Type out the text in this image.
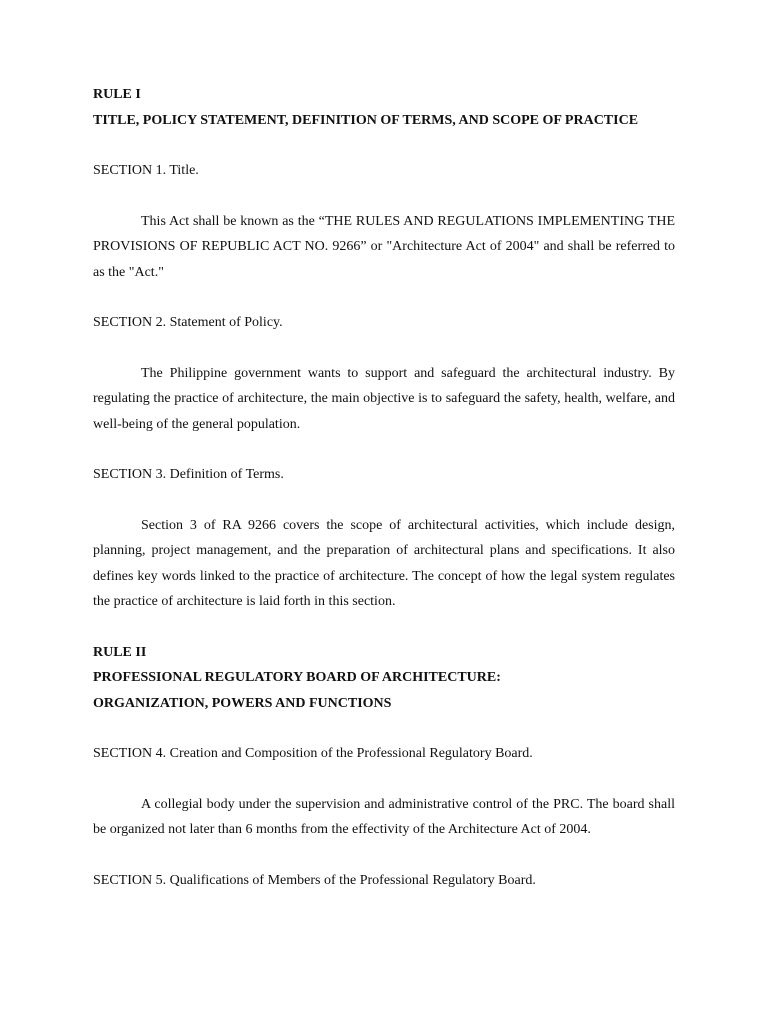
RULE I

TITLE, POLICY STATEMENT, DEFINITION OF TERMS, AND SCOPE OF PRACTICE

SECTION 1. Title.

This Act shall be known as the “THE RULES AND REGULATIONS IMPLEMENTING THE PROVISIONS OF REPUBLIC ACT NO. 9266” or "Architecture Act of 2004" and shall be referred to as the "Act."

SECTION 2. Statement of Policy.

The Philippine government wants to support and safeguard the architectural industry. By regulating the practice of architecture, the main objective is to safeguard the safety, health, welfare, and well-being of the general population.

SECTION 3. Definition of Terms.

Section 3 of RA 9266 covers the scope of architectural activities, which include design, planning, project management, and the preparation of architectural plans and specifications. It also defines key words linked to the practice of architecture. The concept of how the legal system regulates the practice of architecture is laid forth in this section.

RULE II

PROFESSIONAL REGULATORY BOARD OF ARCHITECTURE:

ORGANIZATION, POWERS AND FUNCTIONS

SECTION 4. Creation and Composition of the Professional Regulatory Board.

A collegial body under the supervision and administrative control of the PRC. The board shall be organized not later than 6 months from the effectivity of the Architecture Act of 2004.

SECTION 5. Qualifications of Members of the Professional Regulatory Board.
